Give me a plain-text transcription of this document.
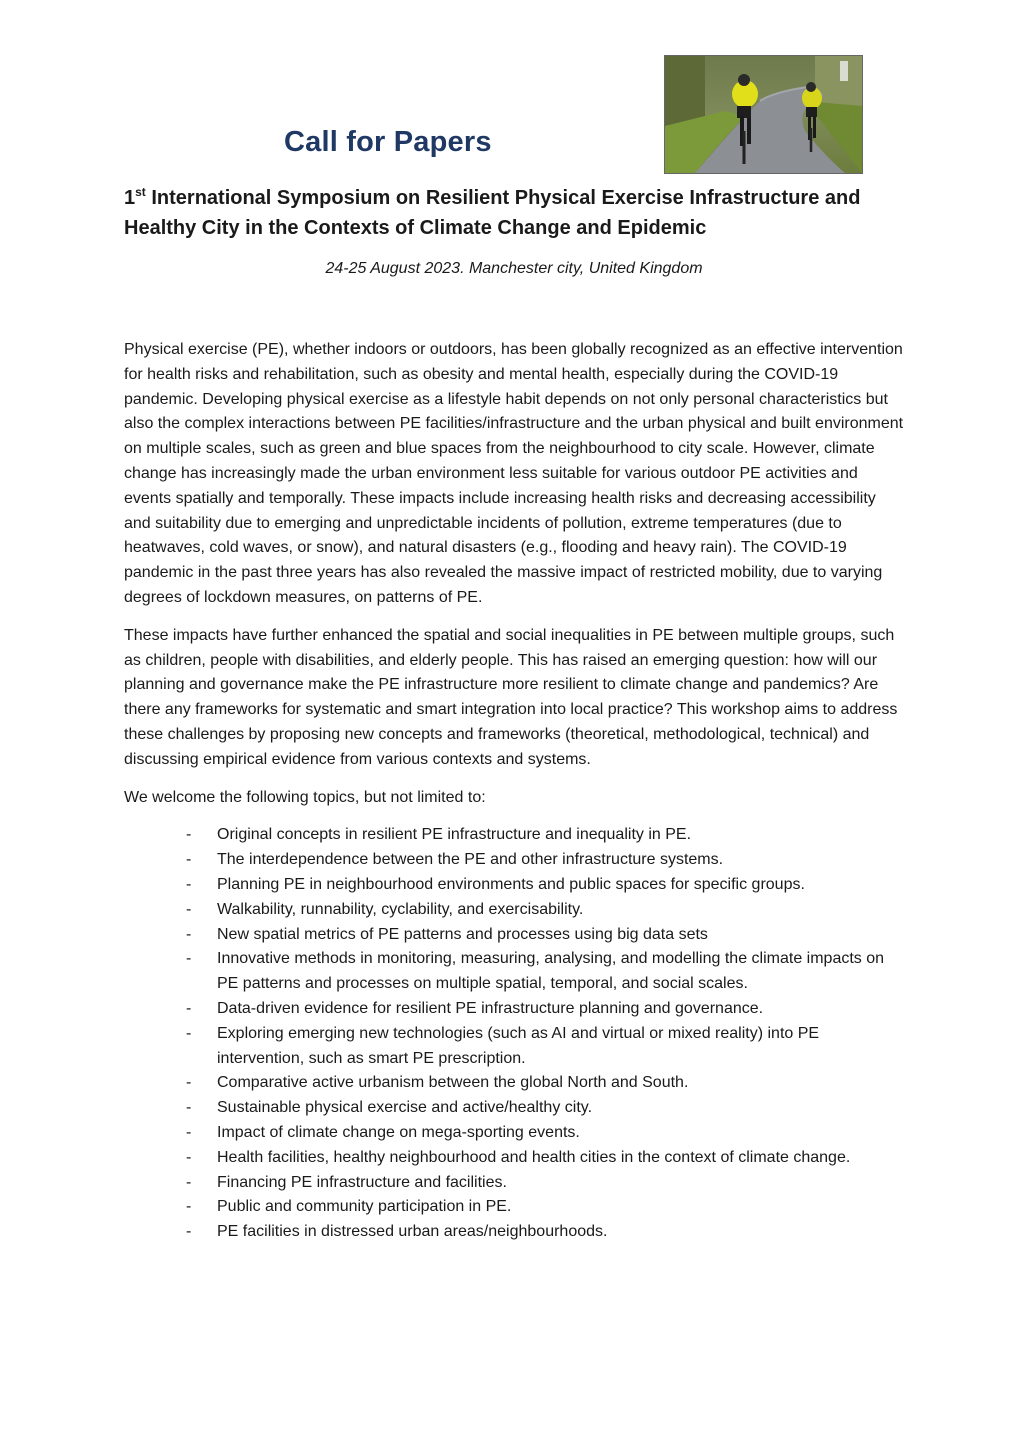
Call for Papers
1st International Symposium on Resilient Physical Exercise Infrastructure and Healthy City in the Contexts of Climate Change and Epidemic
24-25 August 2023. Manchester city, United Kingdom

Physical exercise (PE), whether indoors or outdoors, has been globally recognized as an effective intervention for health risks and rehabilitation, such as obesity and mental health, especially during the COVID-19 pandemic. Developing physical exercise as a lifestyle habit depends on not only personal characteristics but also the complex interactions between PE facilities/infrastructure and the urban physical and built environment on multiple scales, such as green and blue spaces from the neighbourhood to city scale. However, climate change has increasingly made the urban environment less suitable for various outdoor PE activities and events spatially and temporally. These impacts include increasing health risks and decreasing accessibility and suitability due to emerging and unpredictable incidents of pollution, extreme temperatures (due to heatwaves, cold waves, or snow), and natural disasters (e.g., flooding and heavy rain). The COVID-19 pandemic in the past three years has also revealed the massive impact of restricted mobility, due to varying degrees of lockdown measures, on patterns of PE.

These impacts have further enhanced the spatial and social inequalities in PE between multiple groups, such as children, people with disabilities, and elderly people. This has raised an emerging question: how will our planning and governance make the PE infrastructure more resilient to climate change and pandemics? Are there any frameworks for systematic and smart integration into local practice? This workshop aims to address these challenges by proposing new concepts and frameworks (theoretical, methodological, technical) and discussing empirical evidence from various contexts and systems.

We welcome the following topics, but not limited to:

- Original concepts in resilient PE infrastructure and inequality in PE.
- The interdependence between the PE and other infrastructure systems.
- Planning PE in neighbourhood environments and public spaces for specific groups.
- Walkability, runnability, cyclability, and exercisability.
- New spatial metrics of PE patterns and processes using big data sets
- Innovative methods in monitoring, measuring, analysing, and modelling the climate impacts on PE patterns and processes on multiple spatial, temporal, and social scales.
- Data-driven evidence for resilient PE infrastructure planning and governance.
- Exploring emerging new technologies (such as AI and virtual or mixed reality) into PE intervention, such as smart PE prescription.
- Comparative active urbanism between the global North and South.
- Sustainable physical exercise and active/healthy city.
- Impact of climate change on mega-sporting events.
- Health facilities, healthy neighbourhood and health cities in the context of climate change.
- Financing PE infrastructure and facilities.
- Public and community participation in PE.
- PE facilities in distressed urban areas/neighbourhoods.
